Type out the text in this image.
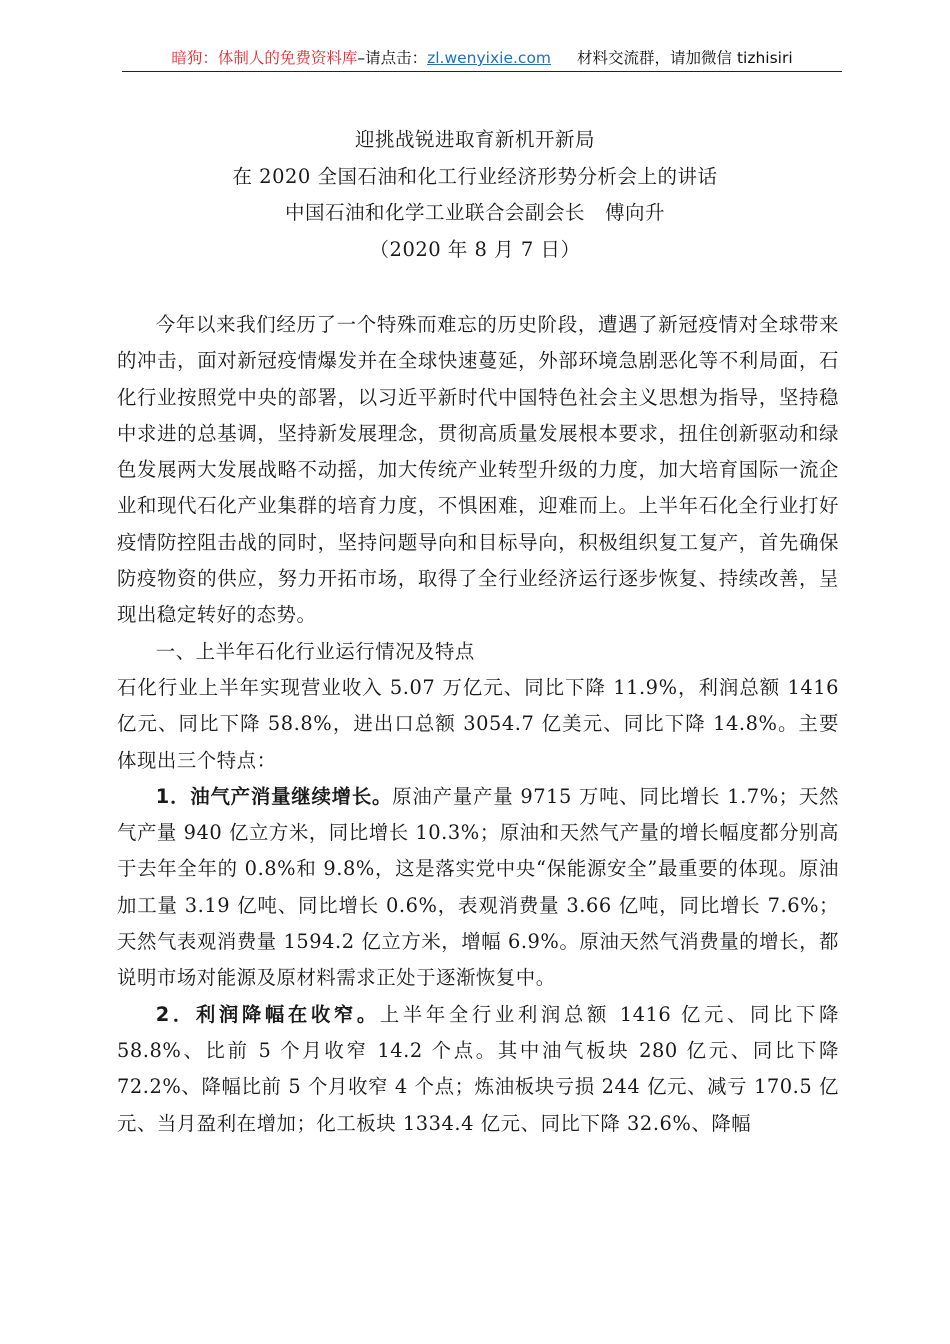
暗狗：体制人的免费资料库–请点击：zl.wenyixie.com 材料交流群，请加微信 tizhisiri
迎挑战锐进取育新机开新局
在 2020 全国石油和化工行业经济形势分析会上的讲话
中国石油和化学工业联合会副会长　傅向升
（2020 年 8 月 7 日）

今年以来我们经历了一个特殊而难忘的历史阶段，遭遇了新冠疫情对全球带来的冲击，面对新冠疫情爆发并在全球快速蔓延，外部环境急剧恶化等不利局面，石化行业按照党中央的部署，以习近平新时代中国特色社会主义思想为指导，坚持稳中求进的总基调，坚持新发展理念，贯彻高质量发展根本要求，扭住创新驱动和绿色发展两大发展战略不动摇，加大传统产业转型升级的力度，加大培育国际一流企业和现代石化产业集群的培育力度，不惧困难，迎难而上。上半年石化全行业打好疫情防控阻击战的同时，坚持问题导向和目标导向，积极组织复工复产，首先确保防疫物资的供应，努力开拓市场，取得了全行业经济运行逐步恢复、持续改善，呈现出稳定转好的态势。

一、上半年石化行业运行情况及特点

石化行业上半年实现营业收入 5.07 万亿元、同比下降 11.9%，利润总额 1416 亿元、同比下降 58.8%，进出口总额 3054.7 亿美元、同比下降 14.8%。主要体现出三个特点：

1．油气产消量继续增长。原油产量产量 9715 万吨、同比增长 1.7%；天然气产量 940 亿立方米，同比增长 10.3%；原油和天然气产量的增长幅度都分别高于去年全年的 0.8%和 9.8%，这是落实党中央“保能源安全”最重要的体现。原油加工量 3.19 亿吨、同比增长 0.6%，表观消费量 3.66 亿吨，同比增长 7.6%；天然气表观消费量 1594.2 亿立方米，增幅 6.9%。原油天然气消费量的增长，都说明市场对能源及原材料需求正处于逐渐恢复中。

2．利润降幅在收窄。上半年全行业利润总额 1416 亿元、同比下降 58.8%、比前 5 个月收窄 14.2 个点。其中油气板块 280 亿元、同比下降 72.2%、降幅比前 5 个月收窄 4 个点；炼油板块亏损 244 亿元、减亏 170.5 亿元、当月盈利在增加；化工板块 1334.4 亿元、同比下降 32.6%、降幅
